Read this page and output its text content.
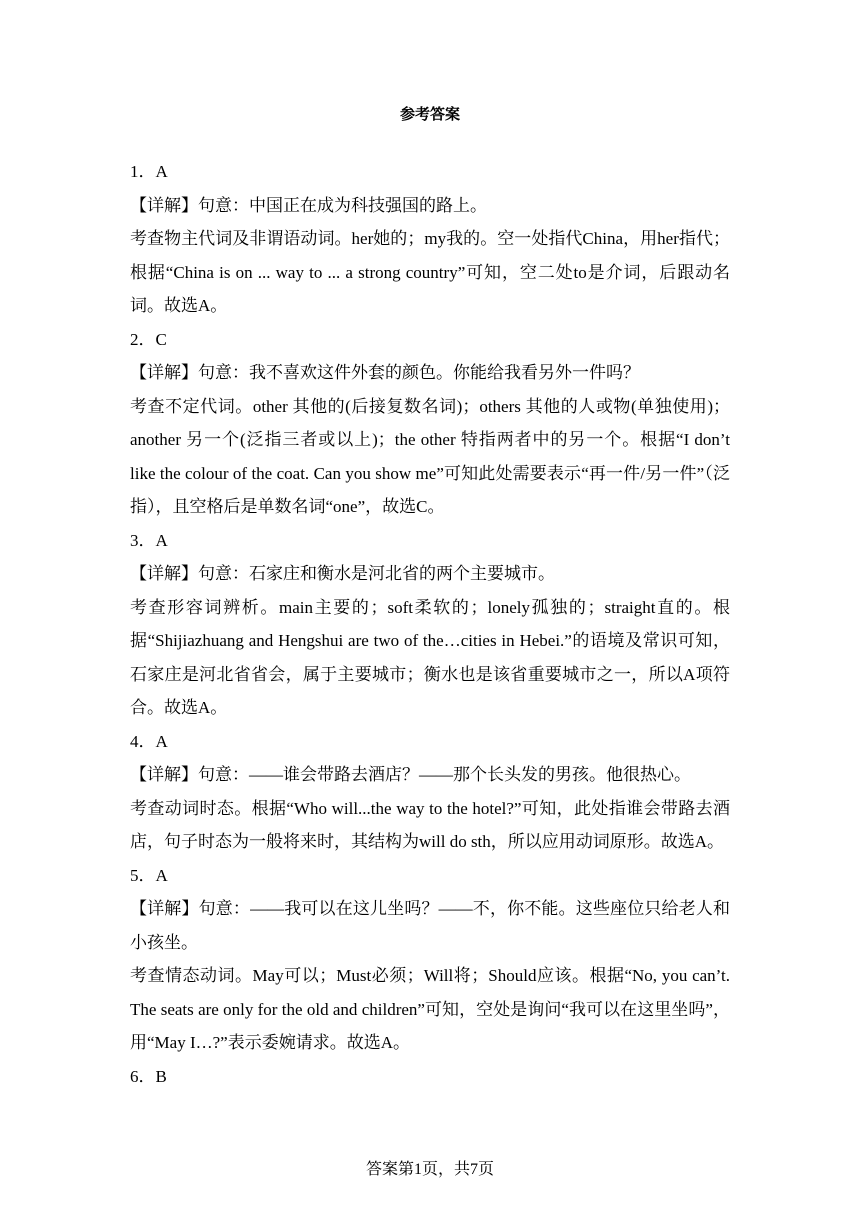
参考答案

1．A

【详解】句意：中国正在成为科技强国的路上。

考查物主代词及非谓语动词。her她的；my我的。空一处指代China，用her指代；根据“China is on ... way to ... a strong country”可知，空二处to是介词，后跟动名词。故选A。

2．C

【详解】句意：我不喜欢这件外套的颜色。你能给我看另外一件吗？

考查不定代词。other 其他的(后接复数名词)；others 其他的人或物(单独使用)；another 另一个(泛指三者或以上)；the other 特指两者中的另一个。根据“I don’t like the colour of the coat. Can you show me”可知此处需要表示“再一件/另一件”（泛指），且空格后是单数名词“one”，故选C。

3．A

【详解】句意：石家庄和衡水是河北省的两个主要城市。

考查形容词辨析。main主要的；soft柔软的；lonely孤独的；straight直的。根据“Shijiazhuang and Hengshui are two of the…cities in Hebei.”的语境及常识可知，石家庄是河北省省会，属于主要城市；衡水也是该省重要城市之一，所以A项符合。故选A。

4．A

【详解】句意：——谁会带路去酒店？——那个长头发的男孩。他很热心。

考查动词时态。根据“Who will...the way to the hotel?”可知，此处指谁会带路去酒店，句子时态为一般将来时，其结构为will do sth，所以应用动词原形。故选A。

5．A

【详解】句意：——我可以在这儿坐吗？——不，你不能。这些座位只给老人和小孩坐。

考查情态动词。May可以；Must必须；Will将；Should应该。根据“No, you can’t. The seats are only for the old and children”可知，空处是询问“我可以在这里坐吗”，用“May I…?”表示委婉请求。故选A。

6．B

答案第1页，共7页
